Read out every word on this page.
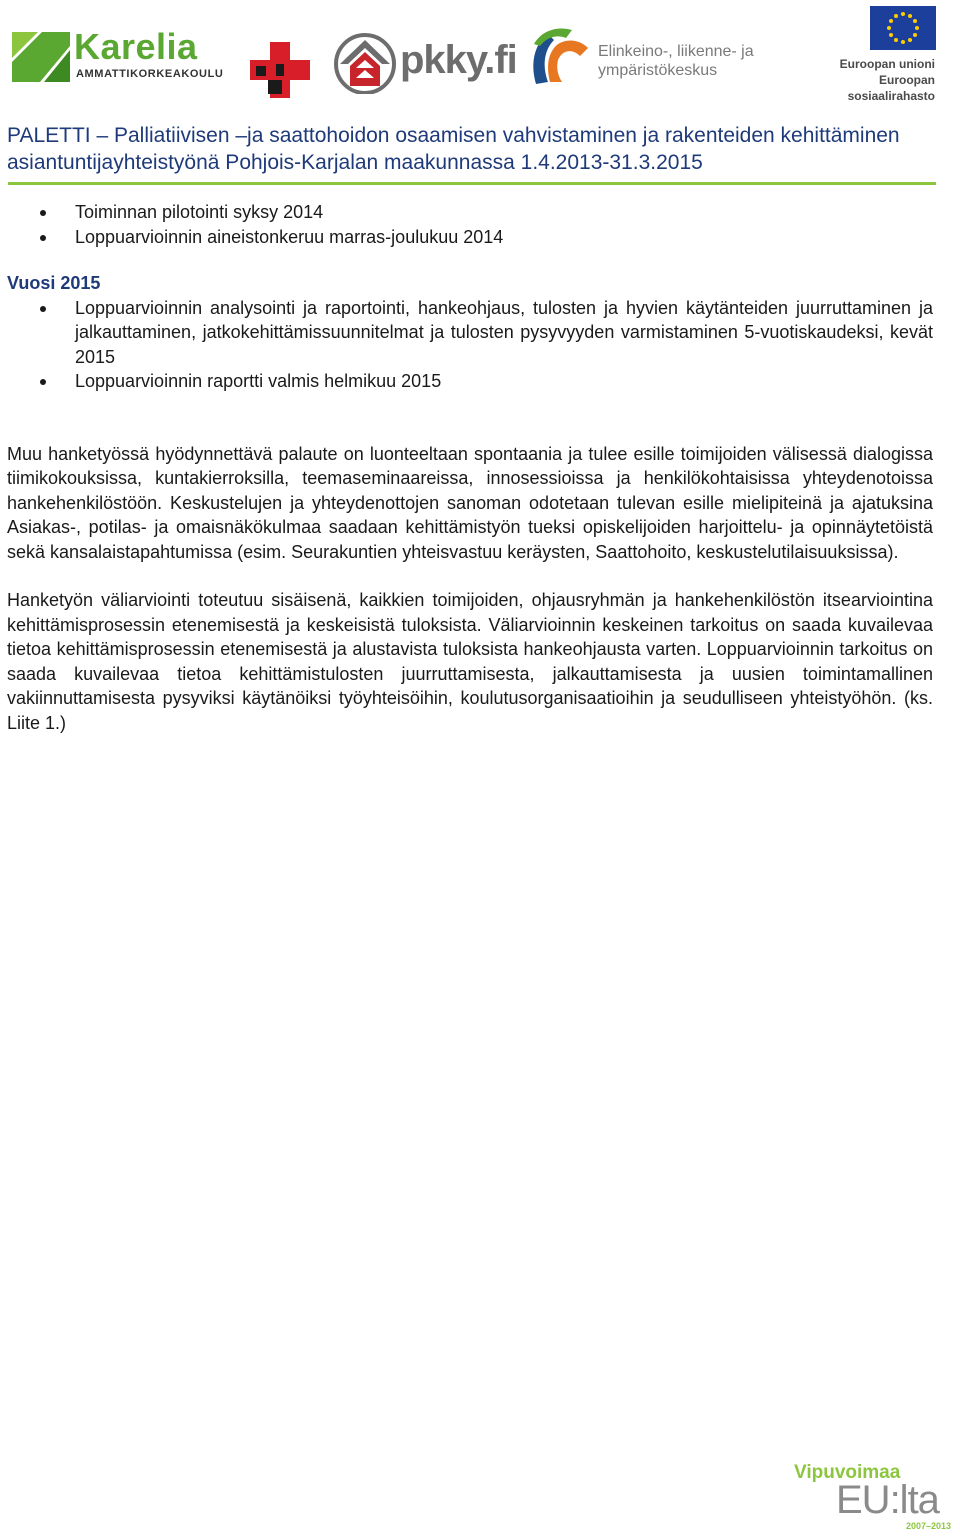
Karelia
AMMATTIKORKEAKOULU	pkky.fi	Elinkeino-, liikenne- ja
ympäristökeskus	Euroopan unioni
Euroopan sosiaalirahasto
PALETTI – Palliatiivisen –ja saattohoidon osaamisen vahvistaminen ja rakenteiden kehittäminen asiantuntijayhteistyönä Pohjois-Karjalan maakunnassa 1.4.2013-31.3.2015
Toiminnan pilotointi syksy 2014
Loppuarvioinnin aineistonkeruu marras-joulukuu 2014
Vuosi 2015
Loppuarvioinnin analysointi ja raportointi, hankeohjaus, tulosten ja hyvien käytänteiden juurruttaminen ja jalkauttaminen, jatkokehittämissuunnitelmat ja tulosten pysyvyyden varmistaminen 5-vuotiskaudeksi, kevät 2015
Loppuarvioinnin raportti valmis helmikuu 2015

Muu hanketyössä hyödynnettävä palaute on luonteeltaan spontaania ja tulee esille toimijoiden välisessä dialogissa tiimikokouksissa, kuntakierroksilla, teemaseminaareissa, innosessioissa ja henkilökohtaisissa yhteydenotoissa hankehenkilöstöön. Keskustelujen ja yhteydenottojen sanoman odotetaan tulevan esille mielipiteinä ja ajatuksina Asiakas-, potilas- ja omaisnäkökulmaa saadaan kehittämistyön tueksi opiskelijoiden harjoittelu- ja opinnäytetöistä sekä kansalaistapahtumissa (esim. Seurakuntien yhteisvastuu keräysten, Saattohoito, keskustelutilaisuuksissa).

Hanketyön väliarviointi toteutuu sisäisenä, kaikkien toimijoiden, ohjausryhmän ja hankehenkilöstön itsearviointina kehittämisprosessin etenemisestä ja keskeisistä tuloksista. Väliarvioinnin keskeinen tarkoitus on saada kuvailevaa tietoa kehittämisprosessin etenemisestä ja alustavista tuloksista hankeohjausta varten. Loppuarvioinnin tarkoitus on saada kuvailevaa tietoa kehittämistulosten juurruttamisesta, jalkauttamisesta ja uusien toimintamallinen vakiinnuttamisesta pysyviksi käytänöiksi työyhteisöihin, koulutusorganisaatioihin ja seudulliseen yhteistyöhön. (ks. Liite 1.)

Vipuvoimaa
EU:lta
2007–2013
